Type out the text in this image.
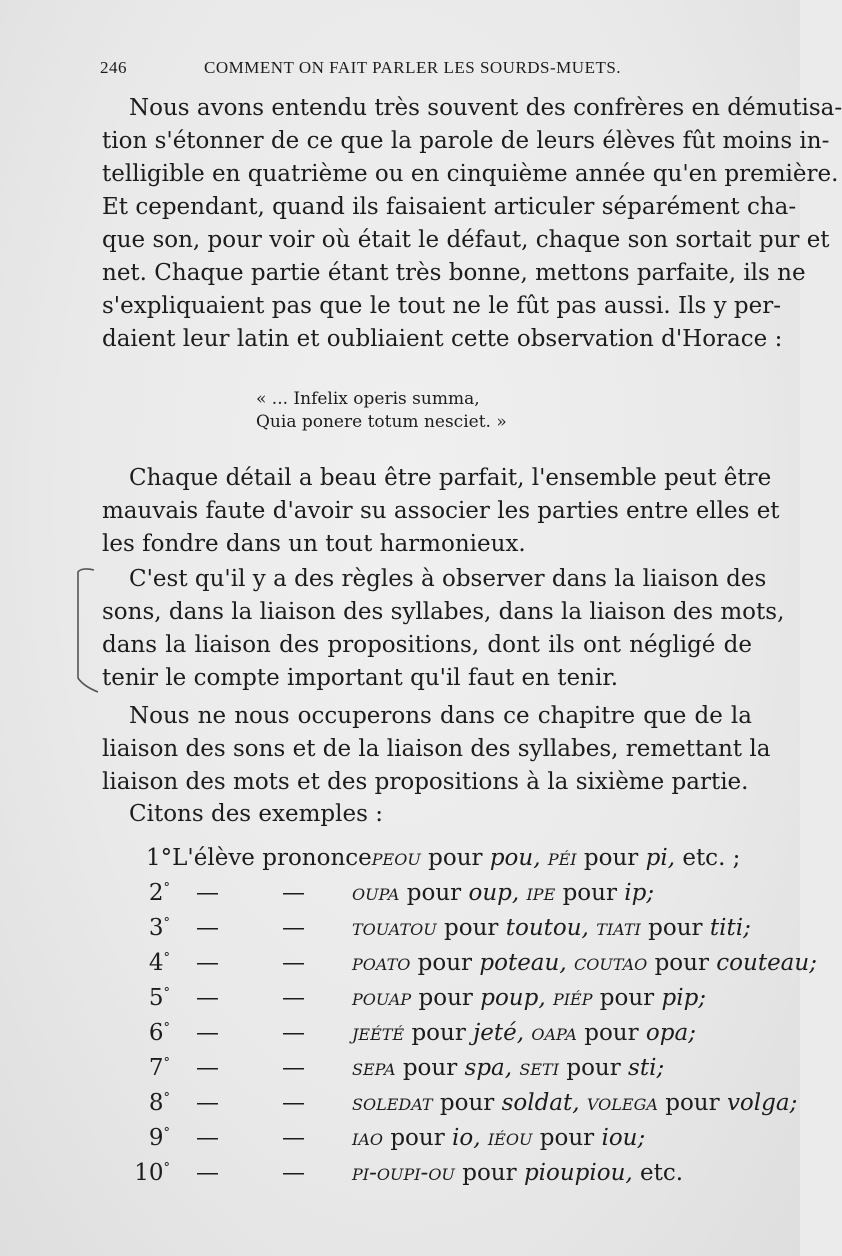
246	COMMENT ON FAIT PARLER LES SOURDS-MUETS.
Nous avons entendu très souvent des confrères en démutisa-
tion s'étonner de ce que la parole de leurs élèves fût moins in-
telligible en quatrième ou en cinquième année qu'en première.
Et cependant, quand ils faisaient articuler séparément cha-
que son, pour voir où était le défaut, chaque son sortait pur et
net. Chaque partie étant très bonne, mettons parfaite, ils ne
s'expliquaient pas que le tout ne le fût pas aussi. Ils y per-
daient leur latin et oubliaient cette observation d'Horace :
« ... Infelix operis summa,
Quia ponere totum nesciet. »
Chaque détail a beau être parfait, l'ensemble peut être
mauvais faute d'avoir su associer les parties entre elles et
les fondre dans un tout harmonieux.
C'est qu'il y a des règles à observer dans la liaison des
sons, dans la liaison des syllabes, dans la liaison des mots,
dans la liaison des propositions, dont ils ont négligé de
tenir le compte important qu'il faut en tenir.
Nous ne nous occuperons dans ce chapitre que de la
liaison des sons et de la liaison des syllabes, remettant la
liaison des mots et des propositions à la sixième partie.
Citons des exemples :
1°L'élève prononcepeou pour pou, péi pour pi, etc. ;
2° —	— oupa pour oup, ipe pour ip;
3° —	— touatou pour toutou, tiati pour titi;
4° —	— poato pour poteau, coutao pour couteau;
5° —	— pouap pour poup, piép pour pip;
6° —	— jeété pour jeté, oapa pour opa;
7° —	— sepa pour spa, seti pour sti;
8° —	— soledat pour soldat, volega pour volga;
9° —	— iao pour io, iéou pour iou;
10° —	— pi-oupi-ou pour pioupiou, etc.
